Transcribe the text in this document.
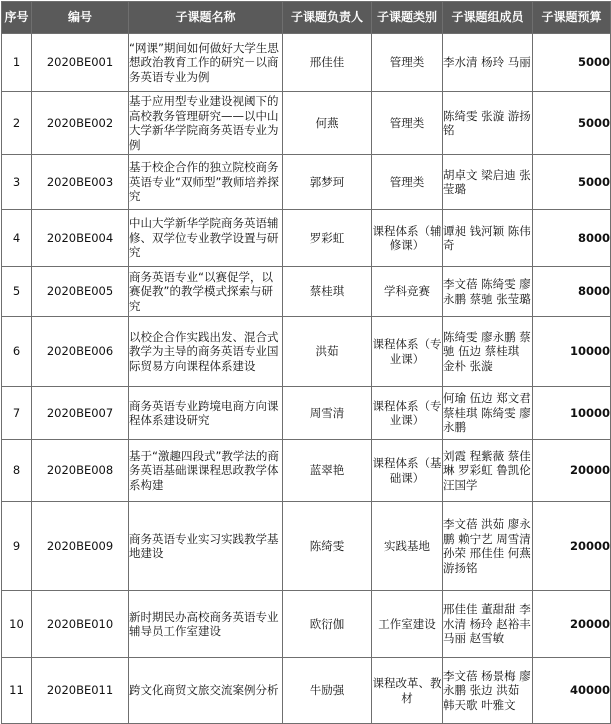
序号	编号	子课题名称	子课题负责人	子课题类别	子课题组成员	子课题预算
1	2020BE001	“网课”期间如何做好大学生思想政治教育工作的研究－以商务英语专业为例	邢佳佳	管理类	李水清 杨玲 马丽	5000
2	2020BE002	基于应用型专业建设视阈下的高校教务管理研究——以中山大学新华学院商务英语专业为例	何燕	管理类	陈绮雯 张漩 游扬铭	5000
3	2020BE003	基于校企合作的独立院校商务英语专业“双师型”教师培养探究	郭梦珂	管理类	胡卓文 梁启迪 张莹璐	5000
4	2020BE004	中山大学新华学院商务英语辅修、双学位专业教学设置与研究	罗彩虹	课程体系（辅修课）	谭昶 钱河颖 陈伟奇	8000
5	2020BE005	商务英语专业“以赛促学，以赛促教”的教学模式探索与研究	蔡桂琪	学科竞赛	李文蓓 陈绮雯 廖永鹏 蔡驰 张莹璐	8000
6	2020BE006	以校企合作实践出发、混合式教学为主导的商务英语专业国际贸易方向课程体系建设	洪茹	课程体系（专业课）	陈绮雯 廖永鹏 蔡驰 伍边 蔡桂琪 金朴 张漩	10000
7	2020BE007	商务英语专业跨境电商方向课程体系建设研究	周雪清	课程体系（专业课）	何瑜 伍边 郑文君 蔡桂琪 陈绮雯 廖永鹏	10000
8	2020BE008	基于“激趣四段式”教学法的商务英语基础课课程思政教学体系构建	蓝翠艳	课程体系（基础课）	刘霞 程紫薇 蔡佳琳 罗彩虹 鲁凯伦 汪国学	20000
9	2020BE009	商务英语专业实习实践教学基地建设	陈绮雯	实践基地	李文蓓 洪茹 廖永鹏 赖宁艺 周雪清 孙荣 邢佳佳 何燕 游扬铭	20000
10	2020BE010	新时期民办高校商务英语专业辅导员工作室建设	欧衍伽	工作室建设	邢佳佳 董甜甜 李水清 杨玲 赵裕丰 马丽 赵雪敏	20000
11	2020BE011	跨文化商贸文旅交流案例分析	牛励强	课程改革、教材	李文蓓 杨景梅 廖永鹏 张边 洪茹 韩天歌 叶雅文	40000
